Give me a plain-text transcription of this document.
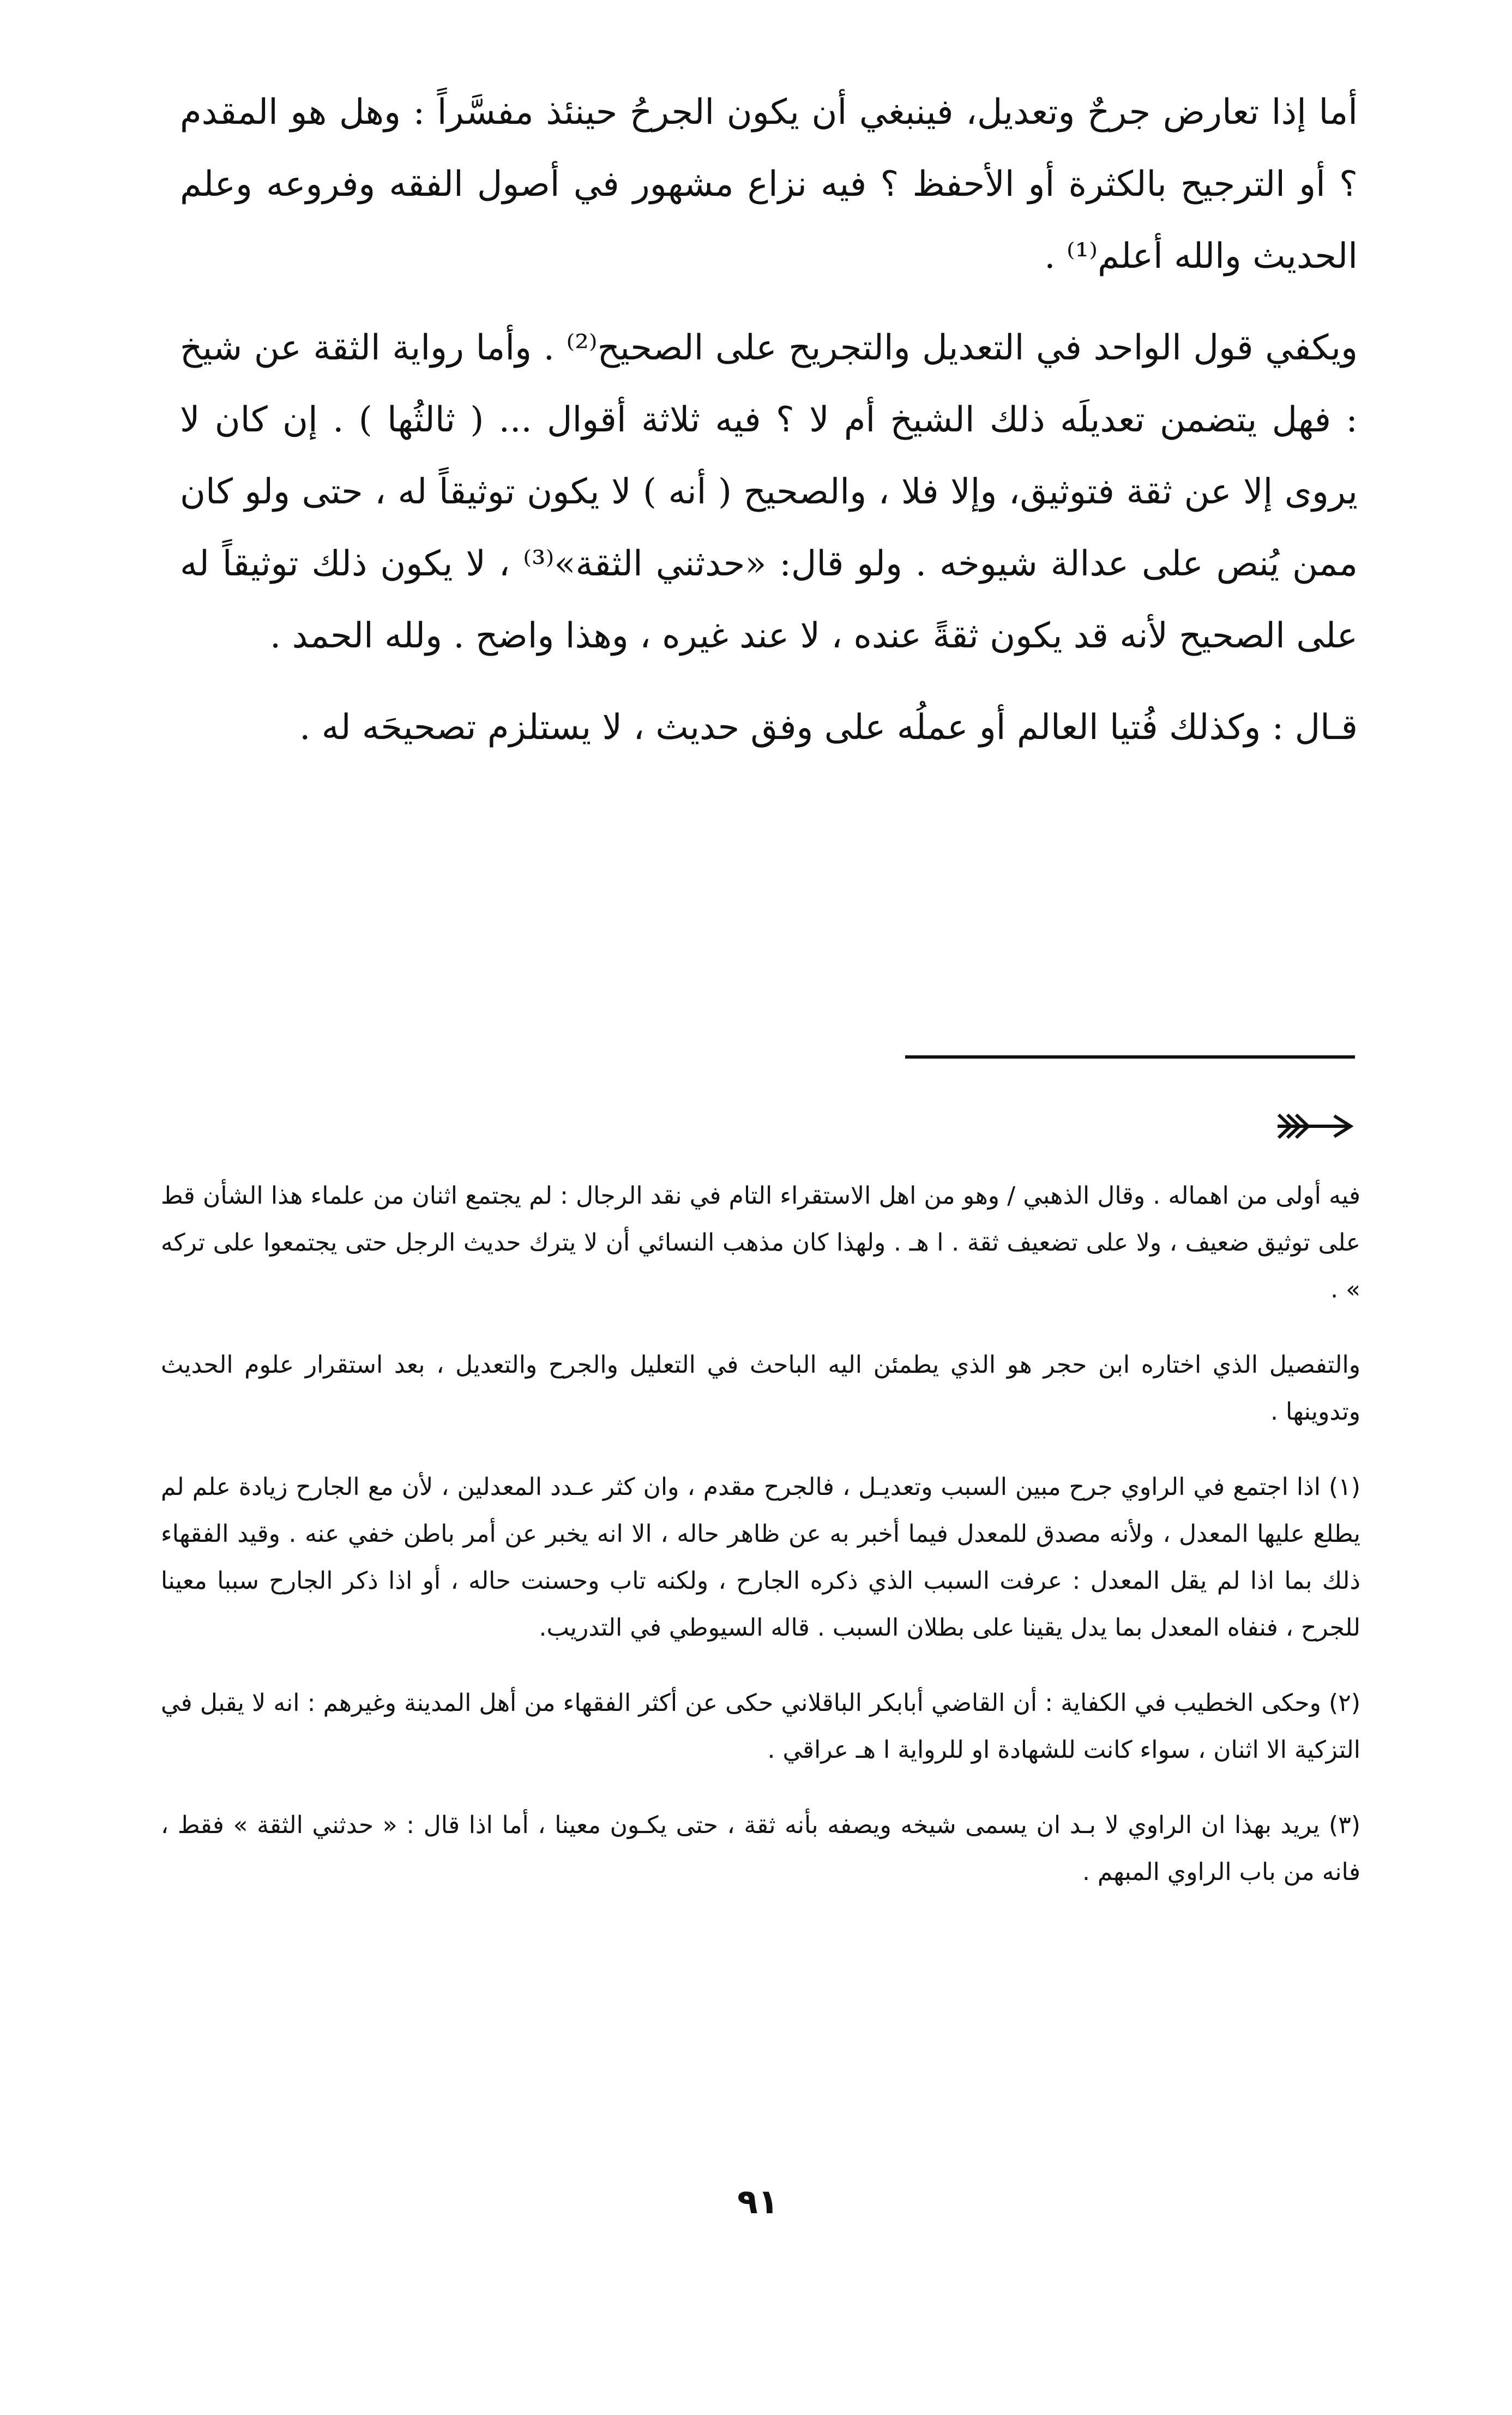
أما إذا تعارض جرحٌ وتعديل، فينبغي أن يكون الجرحُ حينئذ مفسَّراً : وهل هو المقدم ؟ أو الترجيح بالكثرة أو الأحفظ ؟ فيه نزاع مشهور في أصول الفقه وفروعه وعلم الحديث والله أعلم⁽¹⁾ .

ويكفي قول الواحد في التعديل والتجريح على الصحيح⁽²⁾ . وأما رواية الثقة عن شيخ : فهل يتضمن تعديلَه ذلك الشيخ أم لا ؟ فيه ثلاثة أقوال ... ( ثالثُها ) . إن كان لا يروى إلا عن ثقة فتوثيق، وإلا فلا ، والصحيح ( أنه ) لا يكون توثيقاً له ، حتى ولو كان ممن يُنص على عدالة شيوخه . ولو قال: «حدثني الثقة»⁽³⁾ ، لا يكون ذلك توثيقاً له على الصحيح لأنه قد يكون ثقةً عنده ، لا عند غيره ، وهذا واضح . ولله الحمد .

قـال : وكذلك فُتيا العالم أو عملُه على وفق حديث ، لا يستلزم تصحيحَه له .

فيه أولى من اهماله . وقال الذهبي / وهو من اهل الاستقراء التام في نقد الرجال : لم يجتمع اثنان من علماء هذا الشأن قط على توثيق ضعيف ، ولا على تضعيف ثقة . ا هـ . ولهذا كان مذهب النسائي أن لا يترك حديث الرجل حتى يجتمعوا على تركه » .

والتفصيل الذي اختاره ابن حجر هو الذي يطمئن اليه الباحث في التعليل والجرح والتعديل ، بعد استقرار علوم الحديث وتدوينها .

(١) اذا اجتمع في الراوي جرح مبين السبب وتعديـل ، فالجرح مقدم ، وان كثر عـدد المعدلين ، لأن مع الجارح زيادة علم لم يطلع عليها المعدل ، ولأنه مصدق للمعدل فيما أخبر به عن ظاهر حاله ، الا انه يخبر عن أمر باطن خفي عنه . وقيد الفقهاء ذلك بما اذا لم يقل المعدل : عرفت السبب الذي ذكره الجارح ، ولكنه تاب وحسنت حاله ، أو اذا ذكر الجارح سببا معينا للجرح ، فنفاه المعدل بما يدل يقينا على بطلان السبب . قاله السيوطي في التدريب.

(٢) وحكى الخطيب في الكفاية : أن القاضي أبابكر الباقلاني حكى عن أكثر الفقهاء من أهل المدينة وغيرهم : انه لا يقبل في التزكية الا اثنان ، سواء كانت للشهادة او للرواية ا هـ عراقي .

(٣) يريد بهذا ان الراوي لا بـد ان يسمى شيخه ويصفه بأنه ثقة ، حتى يكـون معينا ، أما اذا قال : « حدثني الثقة » فقط ، فانه من باب الراوي المبهم .

٩١
